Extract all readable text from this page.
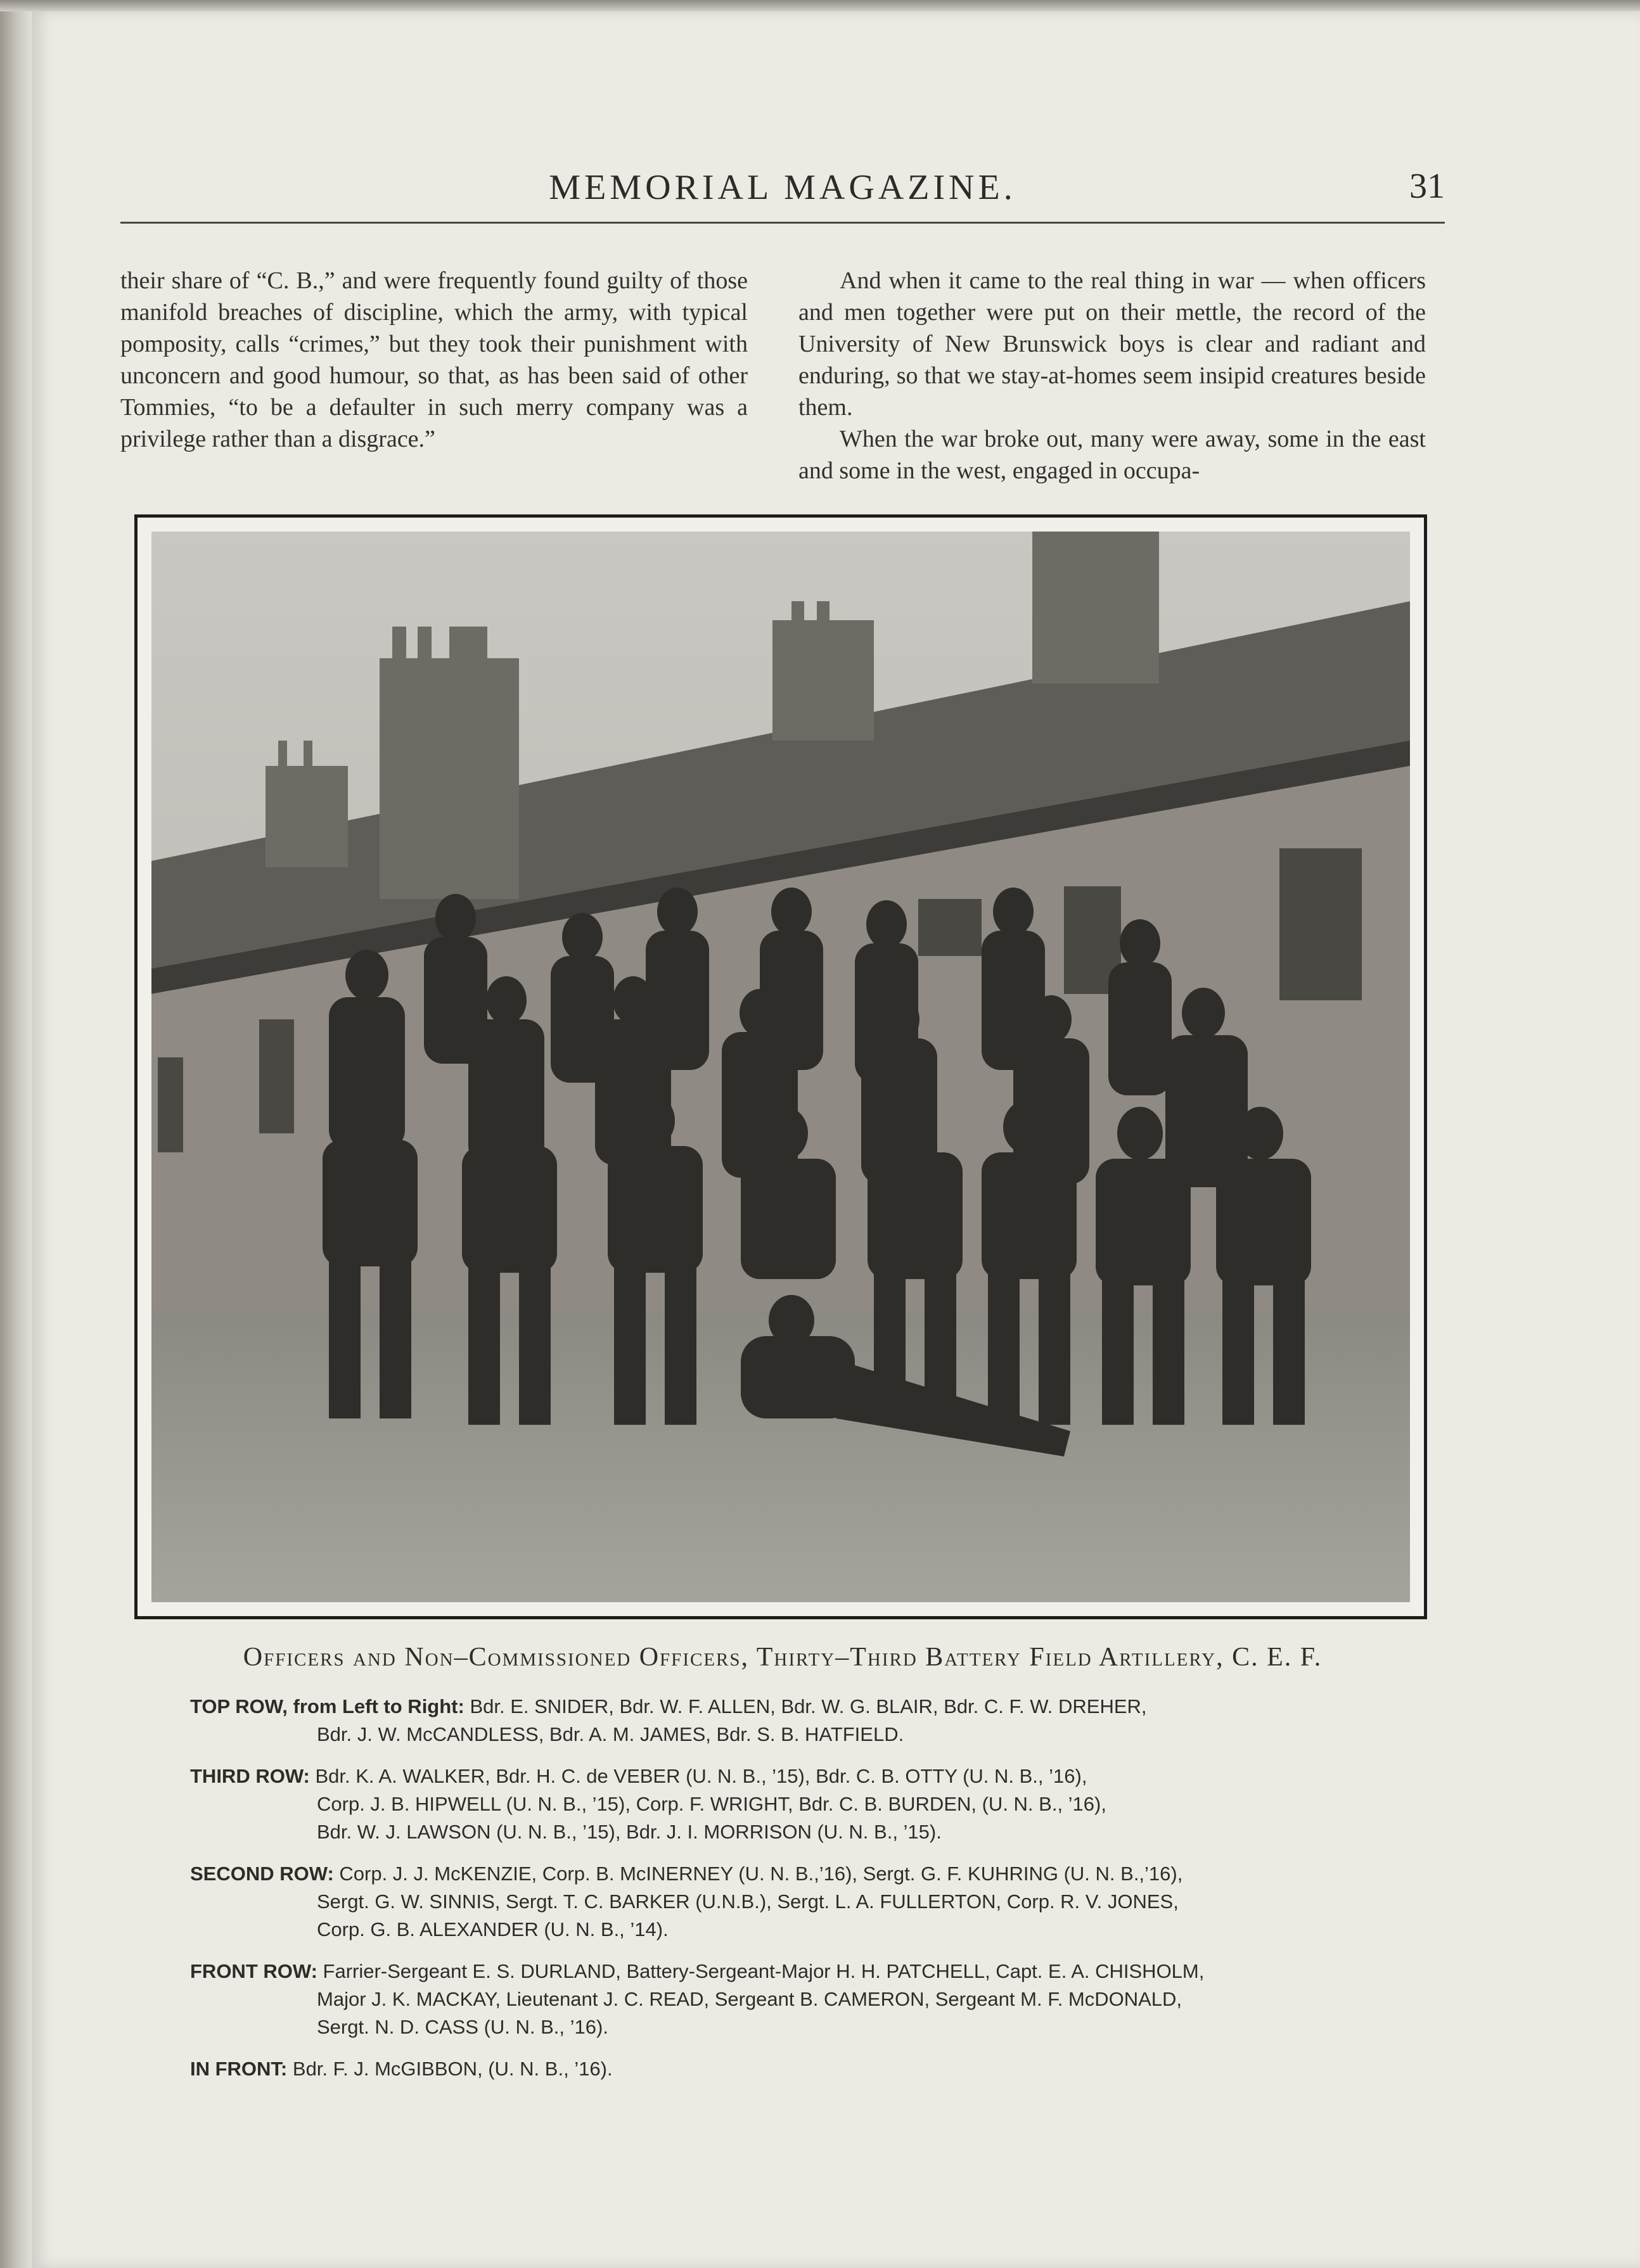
MEMORIAL MAGAZINE.	31

their share of “C. B.,” and were frequently found guilty of those manifold breaches of discipline, which the army, with typical pomposity, calls “crimes,” but they took their punishment with unconcern and good humour, so that, as has been said of other Tommies, “to be a defaulter in such merry company was a privilege rather than a disgrace.”

And when it came to the real thing in war — when officers and men together were put on their mettle, the record of the University of New Brunswick boys is clear and radiant and enduring, so that we stay-at-homes seem insipid creatures beside them.

When the war broke out, many were away, some in the east and some in the west, engaged in occupa-

Officers and Non–Commissioned Officers, Thirty–Third Battery Field Artillery, C. E. F.
TOP ROW, from Left to Right: Bdr. E. SNIDER, Bdr. W. F. ALLEN, Bdr. W. G. BLAIR, Bdr. C. F. W. DREHER,
Bdr. J. W. McCANDLESS, Bdr. A. M. JAMES, Bdr. S. B. HATFIELD.
THIRD ROW: Bdr. K. A. WALKER, Bdr. H. C. de VEBER (U. N. B., ’15), Bdr. C. B. OTTY (U. N. B., ’16),
Corp. J. B. HIPWELL (U. N. B., ’15), Corp. F. WRIGHT, Bdr. C. B. BURDEN, (U. N. B., ’16),
Bdr. W. J. LAWSON (U. N. B., ’15), Bdr. J. I. MORRISON (U. N. B., ’15).
SECOND ROW: Corp. J. J. McKENZIE, Corp. B. McINERNEY (U. N. B.,’16), Sergt. G. F. KUHRING (U. N. B.,’16),
Sergt. G. W. SINNIS, Sergt. T. C. BARKER (U.N.B.), Sergt. L. A. FULLERTON, Corp. R. V. JONES,
Corp. G. B. ALEXANDER (U. N. B., ’14).
FRONT ROW: Farrier-Sergeant E. S. DURLAND, Battery-Sergeant-Major H. H. PATCHELL, Capt. E. A. CHISHOLM,
Major J. K. MACKAY, Lieutenant J. C. READ, Sergeant B. CAMERON, Sergeant M. F. McDONALD,
Sergt. N. D. CASS (U. N. B., ’16).
IN FRONT: Bdr. F. J. McGIBBON, (U. N. B., ’16).
